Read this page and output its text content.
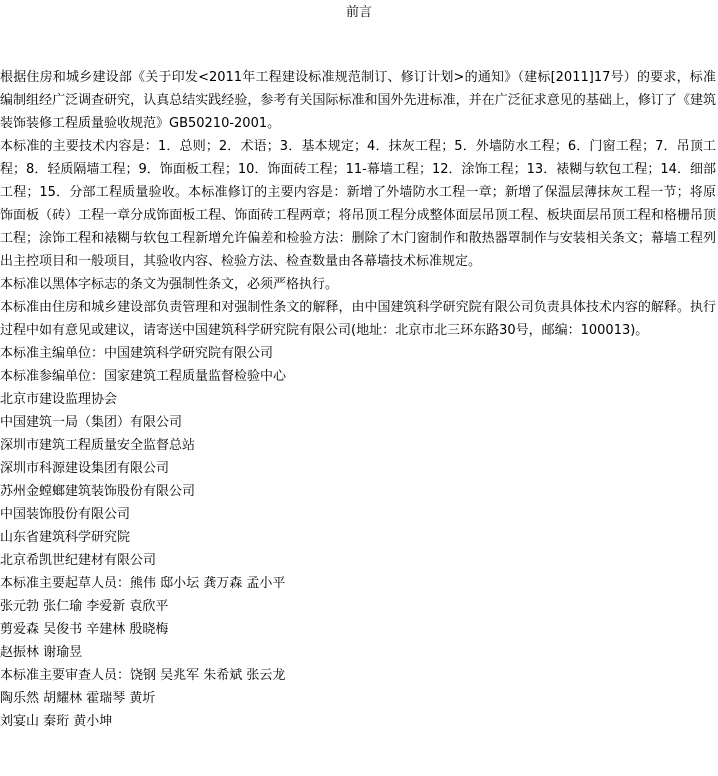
前言

根据住房和城乡建设部《关于印发<2011年工程建设标准规范制订、修订计划>的通知》（建标[2011]17号）的要求，标准编制组经广泛调查研究，认真总结实践经验，参考有关国际标准和国外先进标准，并在广泛征求意见的基础上，修订了《建筑装饰装修工程质量验收规范》GB50210-2001。

本标准的主要技术内容是：1．总则；2．术语；3．基本规定；4．抹灰工程；5．外墙防水工程；6．门窗工程；7．吊顶工程；8．轻质隔墙工程；9．饰面板工程；10．饰面砖工程；11-幕墙工程；12．涂饰工程；13．裱糊与软包工程；14．细部工程；15．分部工程质量验收。本标准修订的主要内容是：新增了外墙防水工程一章；新增了保温层薄抹灰工程一节；将原饰面板（砖）工程一章分成饰面板工程、饰面砖工程两章；将吊顶工程分成整体面层吊顶工程、板块面层吊顶工程和格栅吊顶工程；涂饰工程和裱糊与软包工程新增允许偏差和检验方法：删除了木门窗制作和散热器罩制作与安装相关条文；幕墙工程列出主控项目和一般项目，其验收内容、检验方法、检查数量由各幕墙技术标准规定。

本标准以黑体字标志的条文为强制性条文，必须严格执行。

本标准由住房和城乡建设部负责管理和对强制性条文的解释，由中国建筑科学研究院有限公司负责具体技术内容的解释。执行过程中如有意见或建议，请寄送中国建筑科学研究院有限公司(地址：北京市北三环东路30号，邮编：100013)。

本标准主编单位：中国建筑科学研究院有限公司
本标准参编单位：国家建筑工程质量监督检验中心
北京市建设监理协会
中国建筑一局（集团）有限公司
深圳市建筑工程质量安全监督总站
深圳市科源建设集团有限公司
苏州金螳螂建筑装饰股份有限公司
中国装饰股份有限公司
山东省建筑科学研究院
北京希凯世纪建材有限公司
本标准主要起草人员：熊伟 邸小坛 龚万森 孟小平
张元勃 张仁瑜 李爱新 袁欣平
剪爱森 吴俊书 辛建林 殷晓梅
赵振林 谢瑜昱
本标准主要审查人员：饶钢 吴兆军 朱希斌 张云龙
陶乐然 胡耀林 霍瑞琴 黄圻
刘宴山 秦珩 黄小坤
